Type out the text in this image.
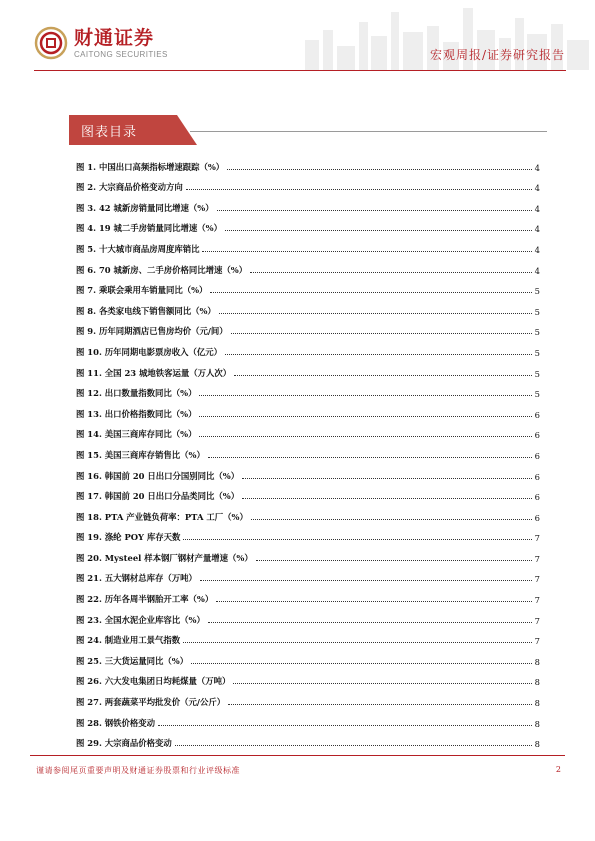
财通证券
CAITONG SECURITIES	宏观周报/证券研究报告
图表目录
图 1. 中国出口高频指标增速跟踪（%）	4
图 2. 大宗商品价格变动方向	4
图 3. 42 城新房销量同比增速（%）	4
图 4. 19 城二手房销量同比增速（%）	4
图 5. 十大城市商品房周度库销比	4
图 6. 70 城新房、二手房价格同比增速（%）	4
图 7. 乘联会乘用车销量同比（%）	5
图 8. 各类家电线下销售额同比（%）	5
图 9. 历年同期酒店已售房均价（元/间）	5
图 10. 历年同期电影票房收入（亿元）	5
图 11. 全国 23 城地铁客运量（万人次）	5
图 12. 出口数量指数同比（%）	5
图 13. 出口价格指数同比（%）	6
图 14. 美国三商库存同比（%）	6
图 15. 美国三商库存销售比（%）	6
图 16. 韩国前 20 日出口分国别同比（%）	6
图 17. 韩国前 20 日出口分品类同比（%）	6
图 18. PTA 产业链负荷率：PTA 工厂（%）	6
图 19. 涤纶 POY 库存天数	7
图 20. Mysteel 样本钢厂钢材产量增速（%）	7
图 21. 五大钢材总库存（万吨）	7
图 22. 历年各周半钢胎开工率（%）	7
图 23. 全国水泥企业库容比（%）	7
图 24. 制造业用工景气指数	7
图 25. 三大货运量同比（%）	8
图 26. 六大发电集团日均耗煤量（万吨）	8
图 27. 两套蔬菜平均批发价（元/公斤）	8
图 28. 钢铁价格变动	8
图 29. 大宗商品价格变动	8
谨请参阅尾页重要声明及财通证券股票和行业评级标准	2
